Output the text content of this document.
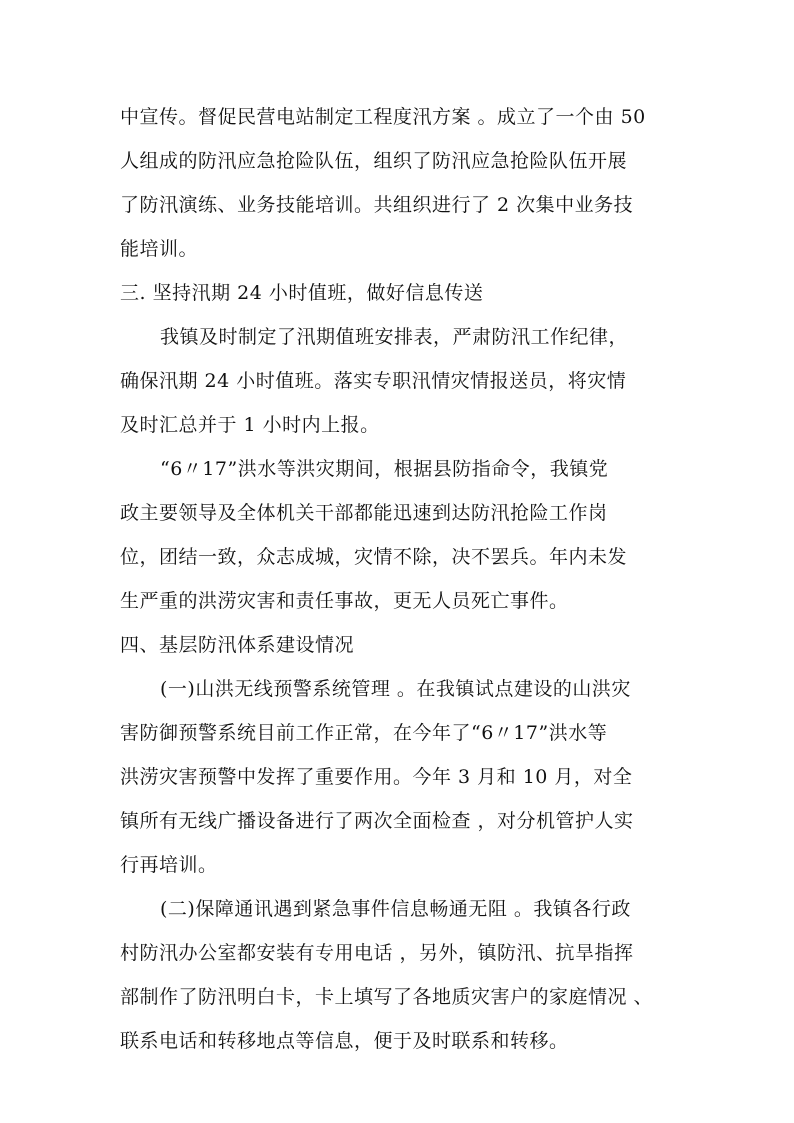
中宣传。督促民营电站制定工程度汛方案 。成立了一个由 50
人组成的防汛应急抢险队伍，组织了防汛应急抢险队伍开展
了防汛演练、业务技能培训。共组织进行了 2 次集中业务技
能培训。
三. 坚持汛期 24 小时值班，做好信息传送
我镇及时制定了汛期值班安排表，严肃防汛工作纪律，
确保汛期 24 小时值班。落实专职汛情灾情报送员，将灾情
及时汇总并于 1 小时内上报。
“6〃17”洪水等洪灾期间，根据县防指命令，我镇党
政主要领导及全体机关干部都能迅速到达防汛抢险工作岗
位，团结一致，众志成城，灾情不除，决不罢兵。年内未发
生严重的洪涝灾害和责任事故，更无人员死亡事件。
四、基层防汛体系建设情况
(一)山洪无线预警系统管理 。在我镇试点建设的山洪灾
害防御预警系统目前工作正常，在今年了“6〃17”洪水等
洪涝灾害预警中发挥了重要作用。今年 3 月和 10 月，对全
镇所有无线广播设备进行了两次全面检查 ，对分机管护人实
行再培训。
(二)保障通讯遇到紧急事件信息畅通无阻 。我镇各行政
村防汛办公室都安装有专用电话 ，另外，镇防汛、抗旱指挥
部制作了防汛明白卡，卡上填写了各地质灾害户的家庭情况 、
联系电话和转移地点等信息，便于及时联系和转移。
